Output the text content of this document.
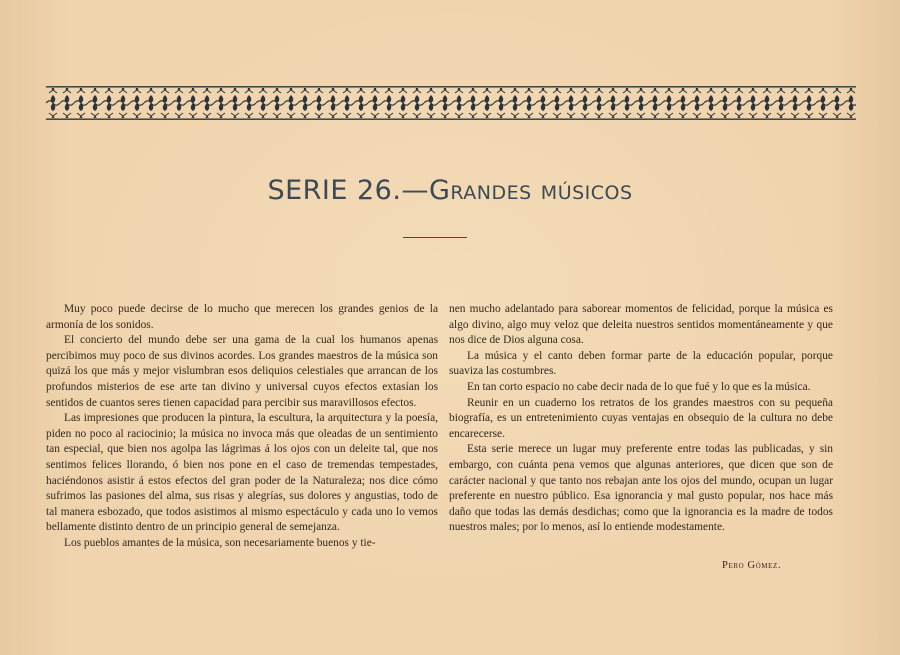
SERIE 26.—Grandes músicos

Muy poco puede decirse de lo mucho que merecen los grandes genios de la armonía de los sonidos.

El concierto del mundo debe ser una gama de la cual los humanos apenas percibimos muy poco de sus divinos acordes. Los grandes maestros de la música son quizá los que más y mejor vislumbran esos deliquios celestiales que arrancan de los profundos misterios de ese arte tan divino y universal cuyos efectos extasían los sentidos de cuantos seres tienen capacidad para percibir sus maravillosos efectos.

Las impresiones que producen la pintura, la escultura, la arquitectura y la poesía, piden no poco al raciocinio; la música no invoca más que oleadas de un sentimiento tan especial, que bien nos agolpa las lágrimas á los ojos con un deleite tal, que nos sentimos felices llorando, ó bien nos pone en el caso de tremendas tempestades, haciéndonos asistir á estos efectos del gran poder de la Naturaleza; nos dice cómo sufrimos las pasiones del alma, sus risas y alegrías, sus dolores y angustias, todo de tal manera esbozado, que todos asistimos al mismo espectáculo y cada uno lo vemos bellamente distinto dentro de un principio general de semejanza.

Los pueblos amantes de la música, son necesariamente buenos y tie-

nen mucho adelantado para saborear momentos de felicidad, porque la música es algo divino, algo muy veloz que deleita nuestros sentidos momentáneamente y que nos dice de Dios alguna cosa.

La música y el canto deben formar parte de la educación popular, porque suaviza las costumbres.

En tan corto espacio no cabe decir nada de lo que fué y lo que es la música.

Reunir en un cuaderno los retratos de los grandes maestros con su pequeña biografía, es un entretenimiento cuyas ventajas en obsequio de la cultura no debe encarecerse.

Esta serie merece un lugar muy preferente entre todas las publicadas, y sin embargo, con cuánta pena vemos que algunas anteriores, que dicen que son de carácter nacional y que tanto nos rebajan ante los ojos del mundo, ocupan un lugar preferente en nuestro público. Esa ignorancia y mal gusto popular, nos hace más daño que todas las demás desdichas; como que la ignorancia es la madre de todos nuestros males; por lo menos, así lo entiende modestamente.

Pero Gómez.
